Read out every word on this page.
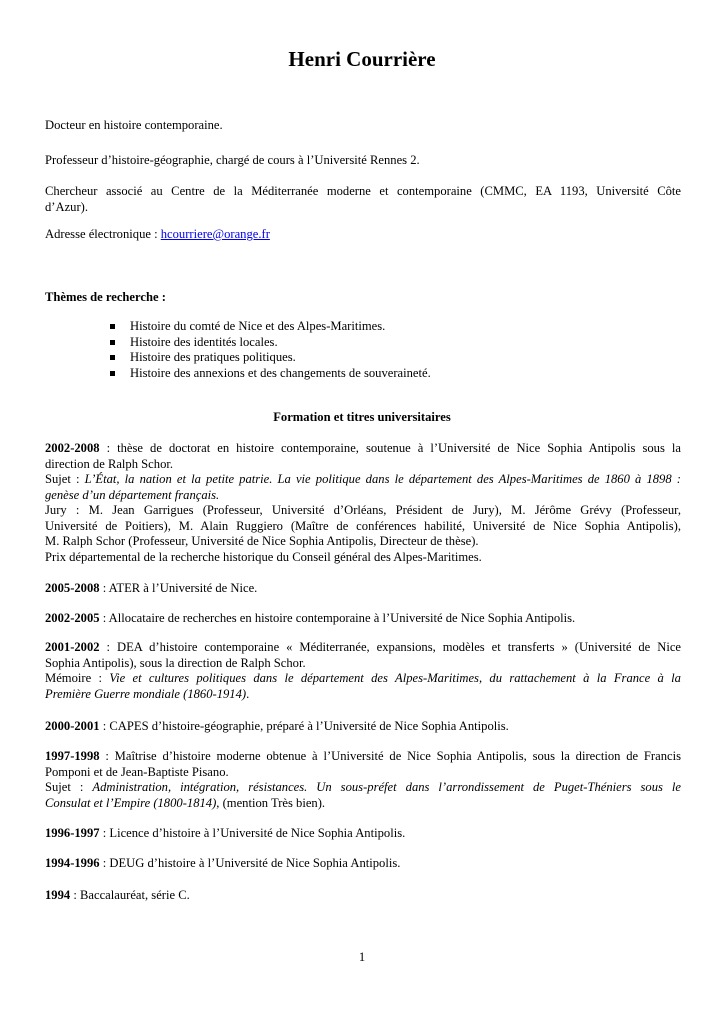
Henri Courrière

Docteur en histoire contemporaine.

Professeur d’histoire-géographie, chargé de cours à l’Université Rennes 2.

Chercheur associé au Centre de la Méditerranée moderne et contemporaine (CMMC, EA 1193, Université Côte

d’Azur).

Adresse électronique : hcourriere@orange.fr

Thèmes de recherche :

Histoire du comté de Nice et des Alpes-Maritimes.
Histoire des identités locales.
Histoire des pratiques politiques.
Histoire des annexions et des changements de souveraineté.
Formation et titres universitaires

2002-2008 : thèse de doctorat en histoire contemporaine, soutenue à l’Université de Nice Sophia Antipolis sous la

direction de Ralph Schor.

Sujet : L’État, la nation et la petite patrie. La vie politique dans le département des Alpes-Maritimes de 1860 à 1898 :

genèse d’un département français.

Jury : M. Jean Garrigues (Professeur, Université d’Orléans, Président de Jury), M. Jérôme Grévy (Professeur,

Université de Poitiers), M. Alain Ruggiero (Maître de conférences habilité, Université de Nice Sophia Antipolis),

M. Ralph Schor (Professeur, Université de Nice Sophia Antipolis, Directeur de thèse).

Prix départemental de la recherche historique du Conseil général des Alpes-Maritimes.

2005-2008 : ATER à l’Université de Nice.

2002-2005 : Allocataire de recherches en histoire contemporaine à l’Université de Nice Sophia Antipolis.

2001-2002 : DEA d’histoire contemporaine « Méditerranée, expansions, modèles et transferts » (Université de Nice

Sophia Antipolis), sous la direction de Ralph Schor.

Mémoire : Vie et cultures politiques dans le département des Alpes-Maritimes, du rattachement à la France à la

Première Guerre mondiale (1860-1914).

2000-2001 : CAPES d’histoire-géographie, préparé à l’Université de Nice Sophia Antipolis.

1997-1998 : Maîtrise d’histoire moderne obtenue à l’Université de Nice Sophia Antipolis, sous la direction de Francis

Pomponi et de Jean-Baptiste Pisano.

Sujet : Administration, intégration, résistances. Un sous-préfet dans l’arrondissement de Puget-Théniers sous le

Consulat et l’Empire (1800-1814), (mention Très bien).

1996-1997 : Licence d’histoire à l’Université de Nice Sophia Antipolis.

1994-1996 : DEUG d’histoire à l’Université de Nice Sophia Antipolis.

1994 : Baccalauréat, série C.

1
